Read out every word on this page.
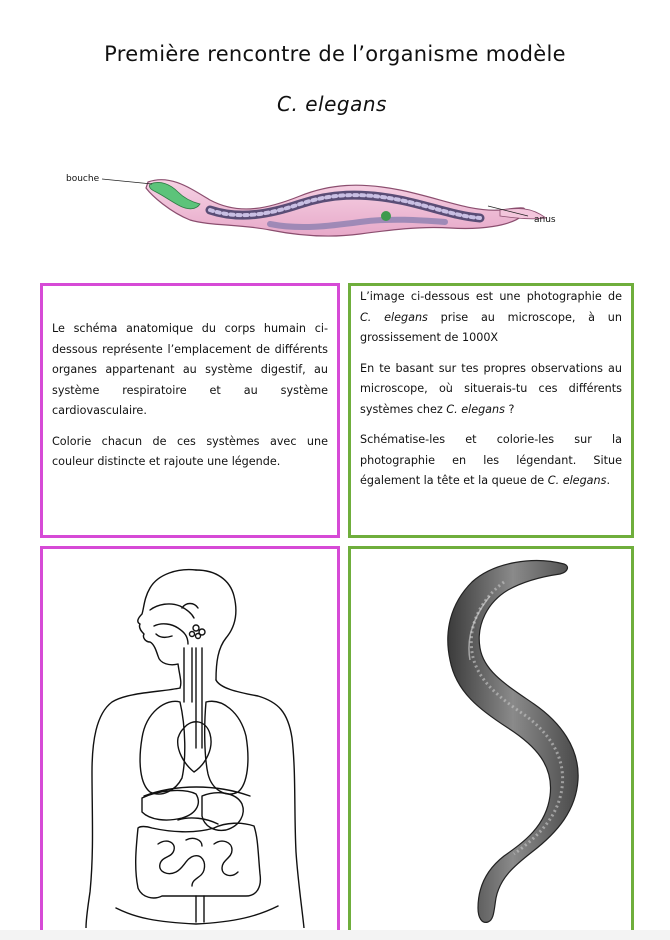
Première rencontre de l’organisme modèle
C. elegans
bouche
anus

Le schéma anatomique du corps humain ci-dessous représente l’emplacement de différents organes appartenant au système digestif, au système respiratoire et au système cardiovasculaire.

Colorie chacun de ces systèmes avec une couleur distincte et rajoute une légende.

L’image ci-dessous est une photographie de C. elegans prise au microscope, à un grossissement de 1000X

En te basant sur tes propres observations au microscope, où situerais-tu ces différents systèmes chez C. elegans ?

Schématise-les et colorie-les sur la photographie en les légendant. Situe également la tête et la queue de C. elegans.
